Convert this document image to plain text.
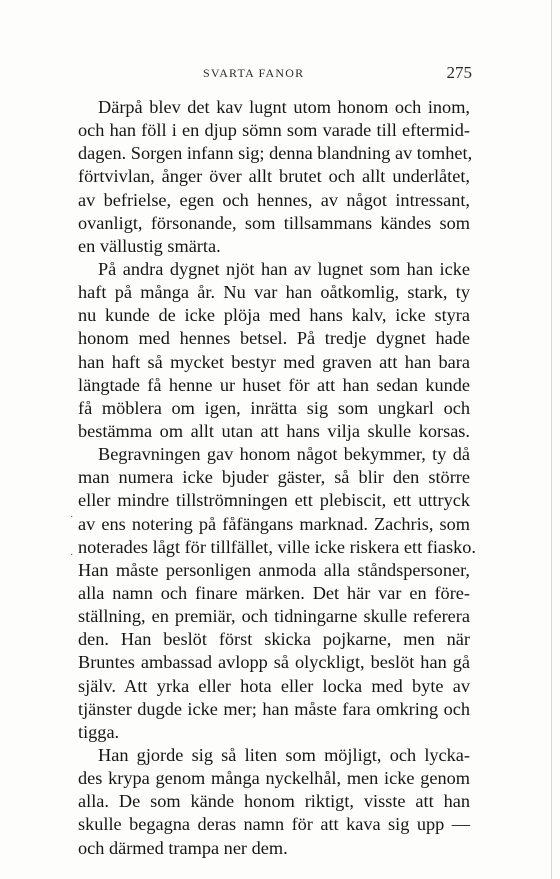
SVARTA FANOR	275
Därpå blev det kav lugnt utom honom och inom,
och han föll i en djup sömn som varade till eftermid-
dagen. Sorgen infann sig; denna blandning av tomhet,
förtvivlan, ånger över allt brutet och allt underlåtet,
av befrielse, egen och hennes, av något intressant,
ovanligt, försonande, som tillsammans kändes som
en vällustig smärta.
På andra dygnet njöt han av lugnet som han icke
haft på många år. Nu var han oåtkomlig, stark, ty
nu kunde de icke plöja med hans kalv, icke styra
honom med hennes betsel. På tredje dygnet hade
han haft så mycket bestyr med graven att han bara
längtade få henne ur huset för att han sedan kunde
få möblera om igen, inrätta sig som ungkarl och
bestämma om allt utan att hans vilja skulle korsas.
Begravningen gav honom något bekymmer, ty då
man numera icke bjuder gäster, så blir den större
eller mindre tillströmningen ett plebiscit, ett uttryck
av ens notering på fåfängans marknad. Zachris, som
noterades lågt för tillfället, ville icke riskera ett fiasko.
Han måste personligen anmoda alla ståndspersoner,
alla namn och finare märken. Det här var en före-
ställning, en premiär, och tidningarne skulle referera
den. Han beslöt först skicka pojkarne, men när
Bruntes ambassad avlopp så olyckligt, beslöt han gå
själv. Att yrka eller hota eller locka med byte av
tjänster dugde icke mer; han måste fara omkring och
tigga.
Han gjorde sig så liten som möjligt, och lycka-
des krypa genom många nyckelhål, men icke genom
alla. De som kände honom riktigt, visste att han
skulle begagna deras namn för att kava sig upp —
och därmed trampa ner dem.
·
·
